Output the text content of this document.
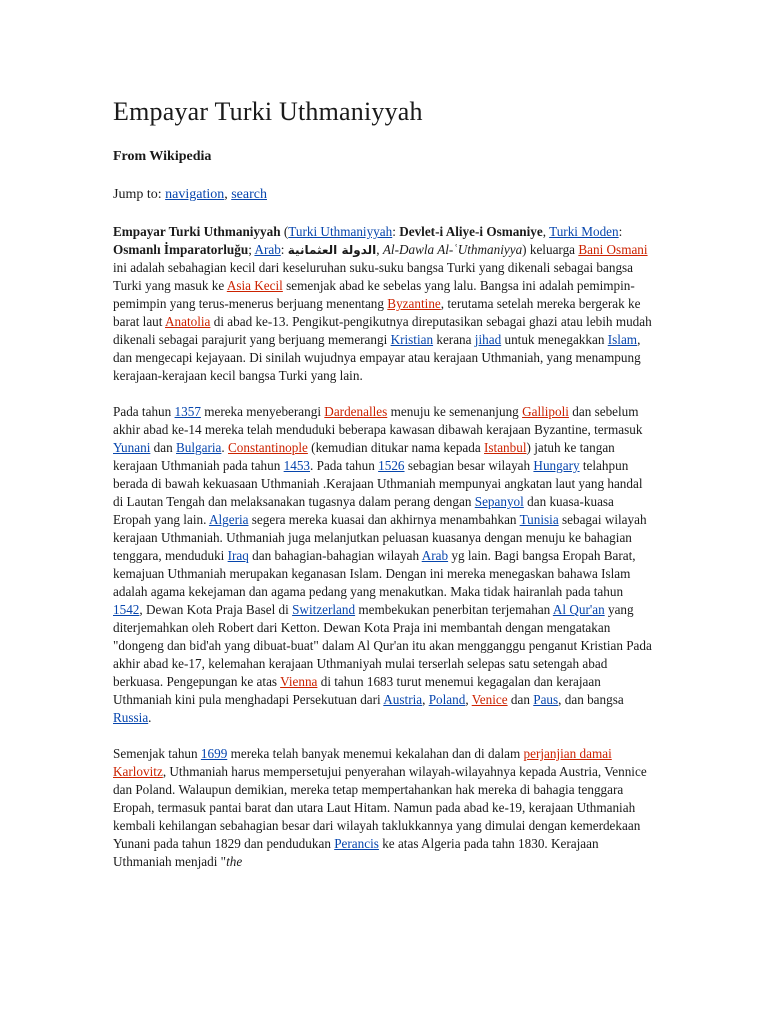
Empayar Turki Uthmaniyyah
From Wikipedia
Jump to: navigation, search

Empayar Turki Uthmaniyyah (Turki Uthmaniyyah: Devlet-i Aliye-i Osmaniye, Turki Moden: Osmanlı İmparatorluğu; Arab: الدولة العثمانية, Al-Dawla Al-ʿUthmaniyya) keluarga Bani Osmani ini adalah sebahagian kecil dari keseluruhan suku-suku bangsa Turki yang dikenali sebagai bangsa Turki yang masuk ke Asia Kecil semenjak abad ke sebelas yang lalu. Bangsa ini adalah pemimpin-pemimpin yang terus-menerus berjuang menentang Byzantine, terutama setelah mereka bergerak ke barat laut Anatolia di abad ke-13. Pengikut-pengikutnya direputasikan sebagai ghazi atau lebih mudah dikenali sebagai parajurit yang berjuang memerangi Kristian kerana jihad untuk menegakkan Islam, dan mengecapi kejayaan. Di sinilah wujudnya empayar atau kerajaan Uthmaniah, yang menampung kerajaan-kerajaan kecil bangsa Turki yang lain.

Pada tahun 1357 mereka menyeberangi Dardenalles menuju ke semenanjung Gallipoli dan sebelum akhir abad ke-14 mereka telah menduduki beberapa kawasan dibawah kerajaan Byzantine, termasuk Yunani dan Bulgaria. Constantinople (kemudian ditukar nama kepada Istanbul) jatuh ke tangan kerajaan Uthmaniah pada tahun 1453. Pada tahun 1526 sebagian besar wilayah Hungary telahpun berada di bawah kekuasaan Uthmaniah .Kerajaan Uthmaniah mempunyai angkatan laut yang handal di Lautan Tengah dan melaksanakan tugasnya dalam perang dengan Sepanyol dan kuasa-kuasa Eropah yang lain. Algeria segera mereka kuasai dan akhirnya menambahkan Tunisia sebagai wilayah kerajaan Uthmaniah. Uthmaniah juga melanjutkan peluasan kuasanya dengan menuju ke bahagian tenggara, menduduki Iraq dan bahagian-bahagian wilayah Arab yg lain. Bagi bangsa Eropah Barat, kemajuan Uthmaniah merupakan keganasan Islam. Dengan ini mereka menegaskan bahawa Islam adalah agama kekejaman dan agama pedang yang menakutkan. Maka tidak hairanlah pada tahun 1542, Dewan Kota Praja Basel di Switzerland membekukan penerbitan terjemahan Al Qur'an yang diterjemahkan oleh Robert dari Ketton. Dewan Kota Praja ini membantah dengan mengatakan "dongeng dan bid'ah yang dibuat-buat" dalam Al Qur'an itu akan mengganggu penganut Kristian Pada akhir abad ke-17, kelemahan kerajaan Uthmaniyah mulai terserlah selepas satu setengah abad berkuasa. Pengepungan ke atas Vienna di tahun 1683 turut menemui kegagalan dan kerajaan Uthmaniah kini pula menghadapi Persekutuan dari Austria, Poland, Venice dan Paus, dan bangsa Russia.

Semenjak tahun 1699 mereka telah banyak menemui kekalahan dan di dalam perjanjian damai Karlovitz, Uthmaniah harus mempersetujui penyerahan wilayah-wilayahnya kepada Austria, Vennice dan Poland. Walaupun demikian, mereka tetap mempertahankan hak mereka di bahagia tenggara Eropah, termasuk pantai barat dan utara Laut Hitam. Namun pada abad ke-19, kerajaan Uthmaniah kembali kehilangan sebahagian besar dari wilayah taklukkannya yang dimulai dengan kemerdekaan Yunani pada tahun 1829 dan pendudukan Perancis ke atas Algeria pada tahn 1830. Kerajaan Uthmaniah menjadi "the
